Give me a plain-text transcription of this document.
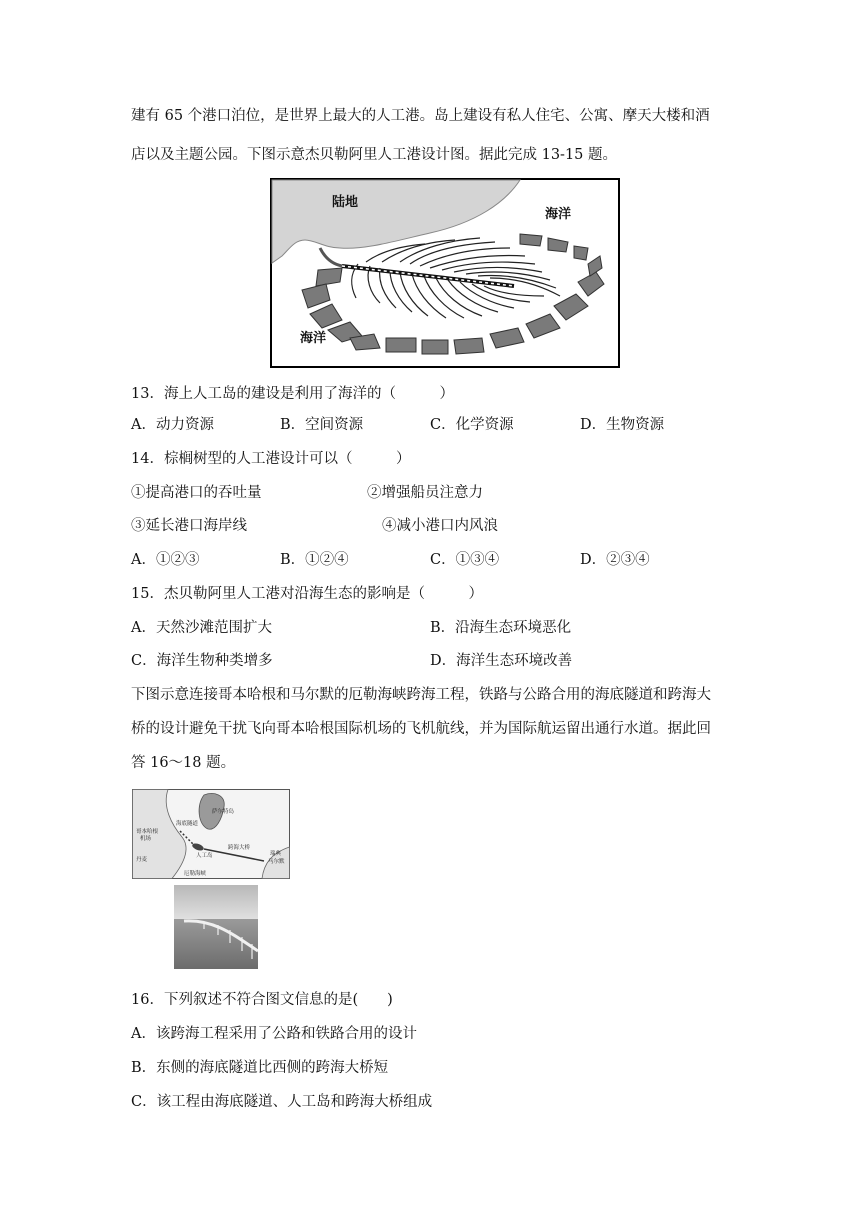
建有 65 个港口泊位，是世界上最大的人工港。岛上建设有私人住宅、公寓、摩天大楼和酒
店以及主题公园。下图示意杰贝勒阿里人工港设计图。据此完成 13-15 题。
陆地
海洋
海洋
13．海上人工岛的建设是利用了海洋的（　　　）
A．动力资源	B．空间资源	C．化学资源	D．生物资源
14．棕榈树型的人工港设计可以（　　　）
①提高港口的吞吐量	②增强船员注意力
③延长港口海岸线	④减小港口内风浪
A．①②③	B．①②④	C．①③④	D．②③④
15．杰贝勒阿里人工港对沿海生态的影响是（　　　）
A．天然沙滩范围扩大	B．沿海生态环境恶化
C．海洋生物种类增多	D．海洋生态环境改善
下图示意连接哥本哈根和马尔默的厄勒海峡跨海工程，铁路与公路合用的海底隧道和跨海大
桥的设计避免干扰飞向哥本哈根国际机场的飞机航线，并为国际航运留出通行水道。据此回
答 16～18 题。
哥本哈根
机场
海底隧道
萨尔特岛
人工岛
跨海大桥
瑞典
马尔默
丹麦
厄勒海峡
16．下列叙述不符合图文信息的是(　　)
A．该跨海工程采用了公路和铁路合用的设计
B．东侧的海底隧道比西侧的跨海大桥短
C．该工程由海底隧道、人工岛和跨海大桥组成
